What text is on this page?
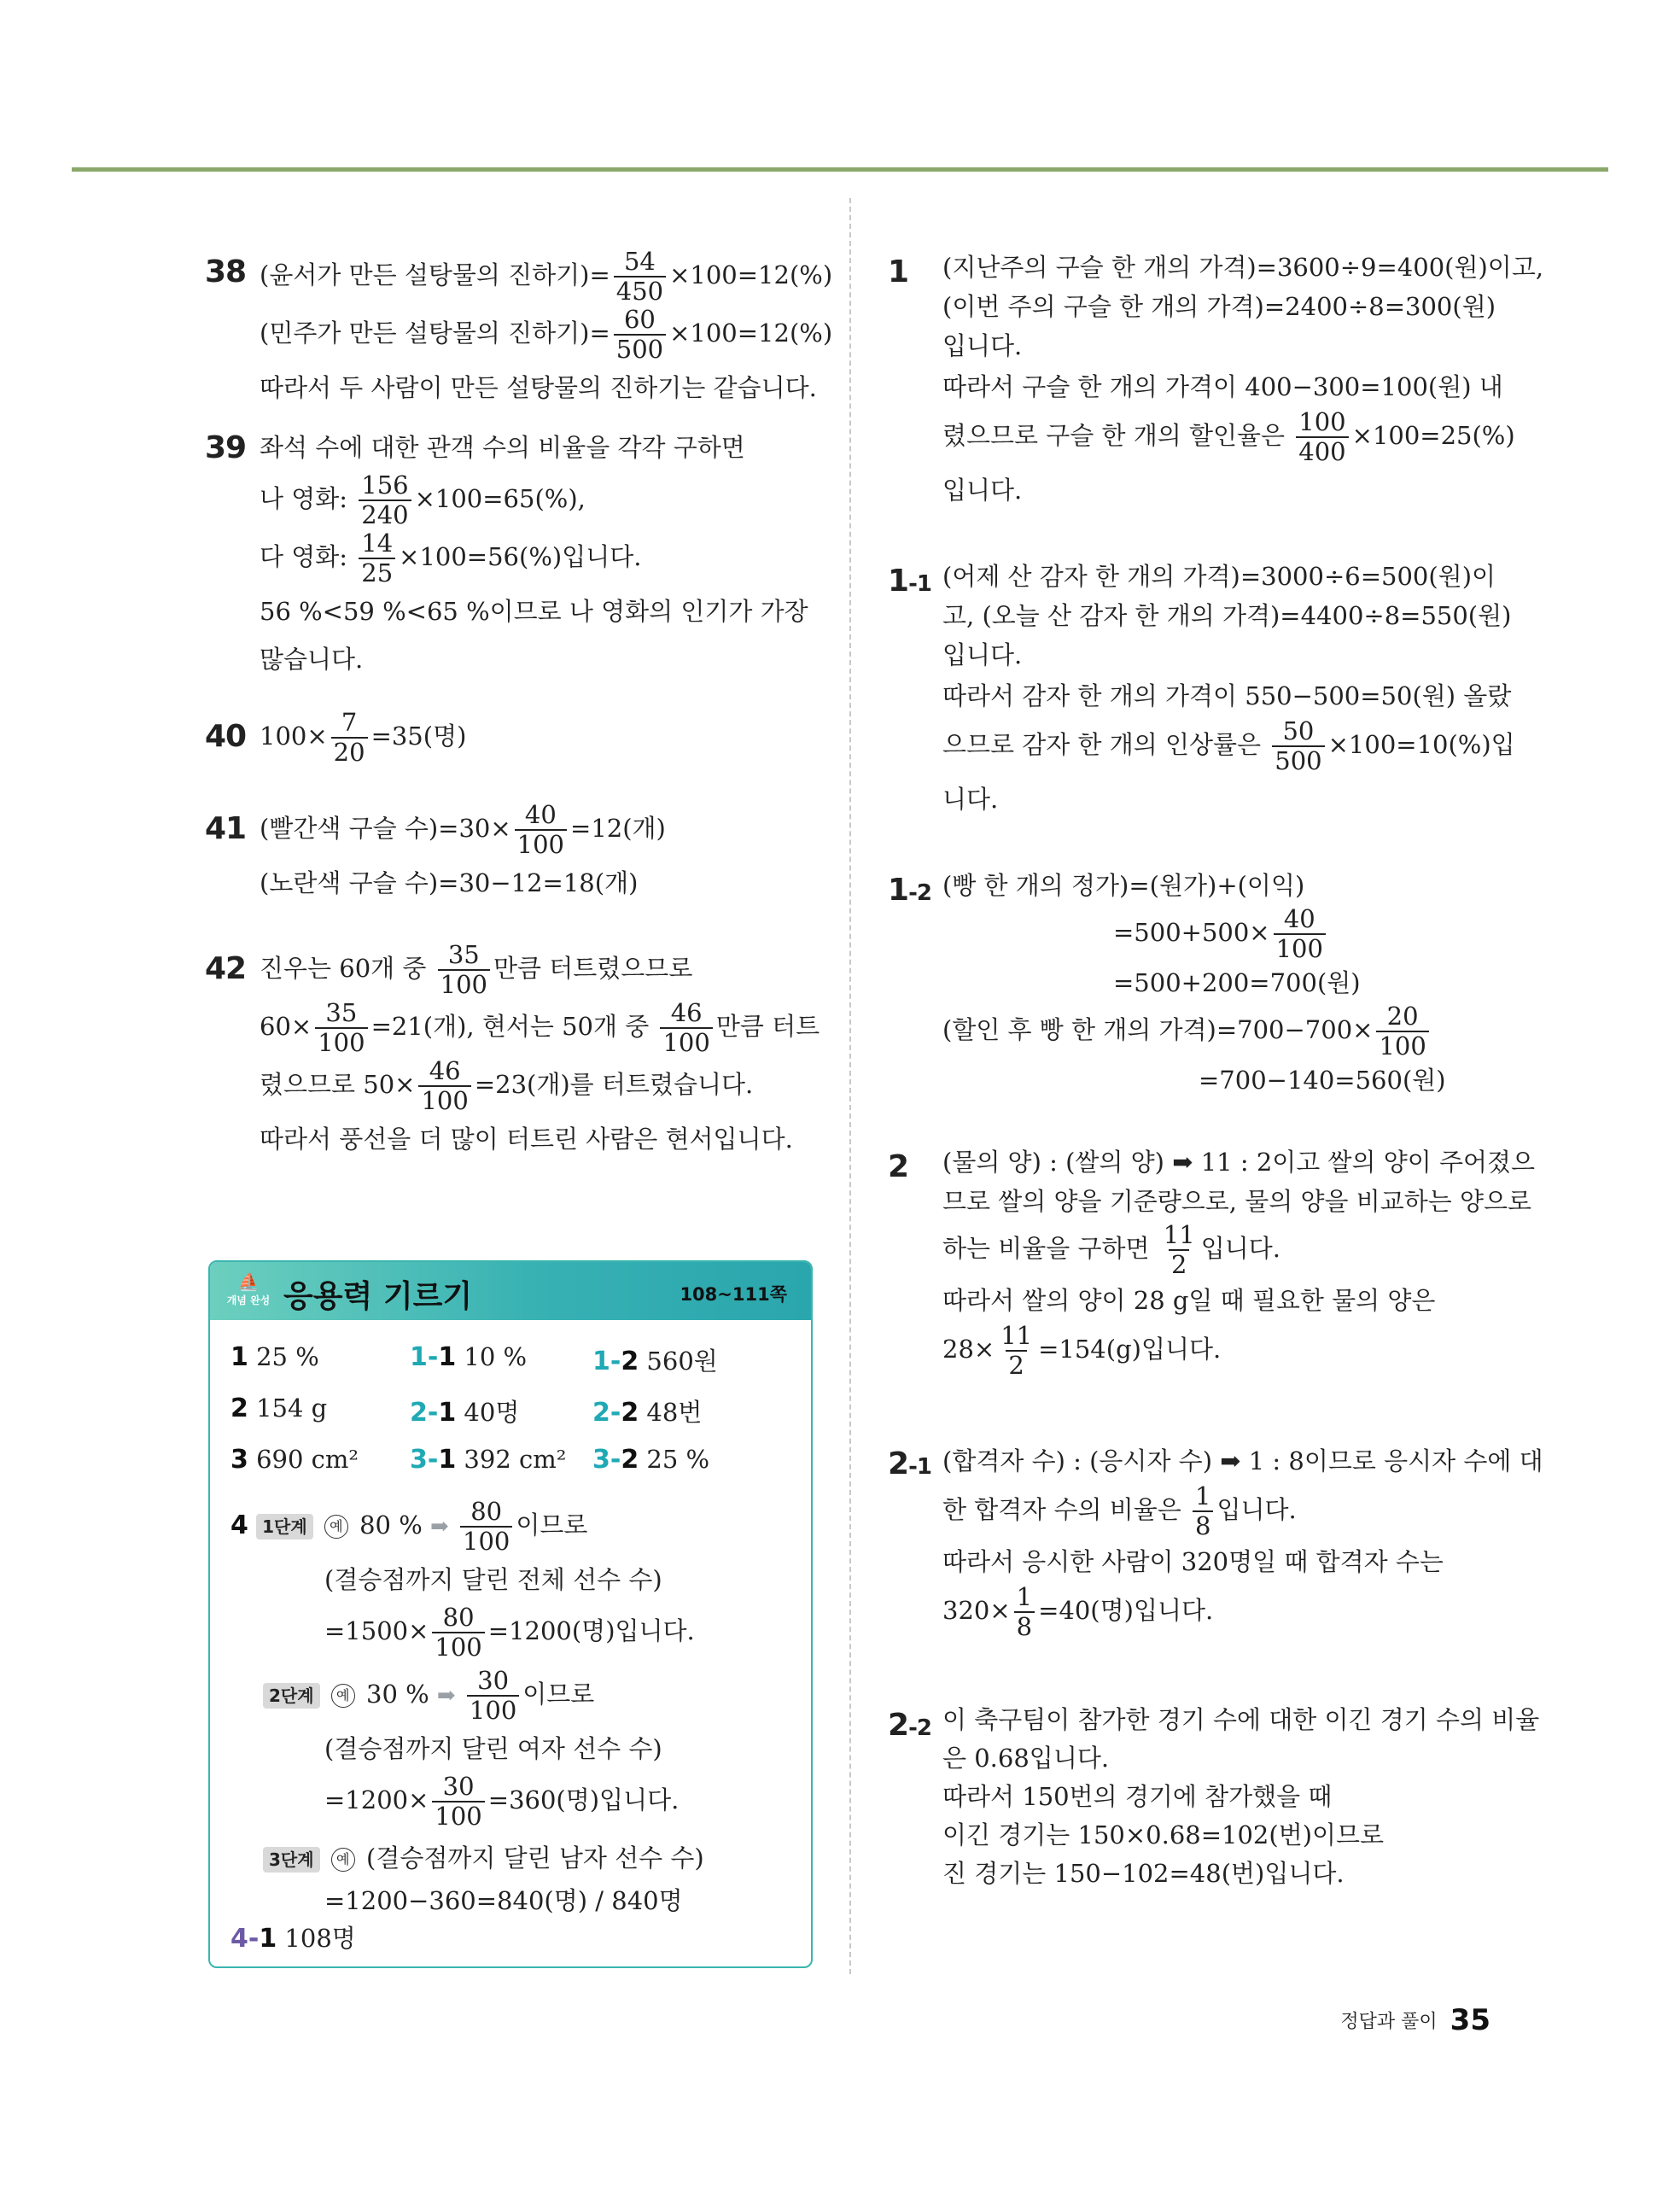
38 (윤서가 만든 설탕물의 진하기)= $\frac{54}{450} \times 100=12(\%)$
(민주가 만든 설탕물의 진하기)= $\frac{60}{500} \times 100=12(\%)$
따라서 두 사람이 만든 설탕물의 진하기는 같습니다.
39 좌석 수에 대한 관객 수의 비율을 각각 구하면
나 영화: $\frac{156}{240} \times 100=65(\%)$,
다 영화: $\frac{14}{25} \times 100=56(\%)$입니다.
56 %<59 %<65 %이므로 나 영화의 인기가 가장
많습니다.
40 $100\times \frac{7}{20} =35$(명)
41 (빨간색 구슬 수)$=30\times \frac{40}{100} =12$(개)
(노란색 구슬 수)=30−12=18(개)
42 진우는 60개 중 $\frac{35}{100}$ 만큼 터트렸으므로
$60\times \frac{35}{100} =21$(개), 현서는 50개 중 $\frac{46}{100}$ 만큼 터트
렸으므로 $50\times \frac{46}{100} =23$(개)를 터트렸습니다.
따라서 풍선을 더 많이 터트린 사람은 현서입니다.
⛵
개념 완성 응용력 기르기	108~111쪽
1 25 %	1-1 10 %	1-2 560원
2 154 g	2-1 40명	2-2 48번
3 690 cm² 3-1 392 cm² 3-2 25 %
4 1단계 예 80 % ➡ $\frac{80}{100}$ 이므로
(결승점까지 달린 전체 선수 수)
$=1500\times \frac{80}{100} =1200$(명)입니다.
2단계 예 30 % ➡ $\frac{30}{100}$ 이므로
(결승점까지 달린 여자 선수 수)
$=1200\times \frac{30}{100} =360$(명)입니다.
3단계 예 (결승점까지 달린 남자 선수 수)
=1200−360=840(명) / 840명
4-1 108명
1 (지난주의 구슬 한 개의 가격)=3600÷9=400(원)이고,
(이번 주의 구슬 한 개의 가격)=2400÷8=300(원)
입니다.
따라서 구슬 한 개의 가격이 400−300=100(원) 내
렸으므로 구슬 한 개의 할인율은 $\frac{100}{400} \times 100=25(\%)$
입니다.
1-1 (어제 산 감자 한 개의 가격)=3000÷6=500(원)이
고, (오늘 산 감자 한 개의 가격)=4400÷8=550(원)
입니다.
따라서 감자 한 개의 가격이 550−500=50(원) 올랐
으므로 감자 한 개의 인상률은 $\frac{50}{500} \times 100=10(\%)$입
니다.
1-2 (빵 한 개의 정가)=(원가)+(이익)
$=500+500\times \frac{40}{100}$
=500+200=700(원)
(할인 후 빵 한 개의 가격)$=700-700\times \frac{20}{100}$
=700−140=560(원)
2 (물의 양) : (쌀의 양) ➡ 11 : 2이고 쌀의 양이 주어졌으
므로 쌀의 양을 기준량으로, 물의 양을 비교하는 양으로
하는 비율을 구하면 $\frac{11}{2}$ 입니다.
따라서 쌀의 양이 28 g일 때 필요한 물의 양은
$28\times \frac{11}{2} =154(g)$입니다.
2-1 (합격자 수) : (응시자 수) ➡ 1 : 8이므로 응시자 수에 대
한 합격자 수의 비율은 $\frac{1}{8}$ 입니다.
따라서 응시한 사람이 320명일 때 합격자 수는
$320\times \frac{1}{8} =40$(명)입니다.
2-2 이 축구팀이 참가한 경기 수에 대한 이긴 경기 수의 비율
은 0.68입니다.
따라서 150번의 경기에 참가했을 때
이긴 경기는 150×0.68=102(번)이므로
진 경기는 150−102=48(번)입니다.
정답과 풀이 35
